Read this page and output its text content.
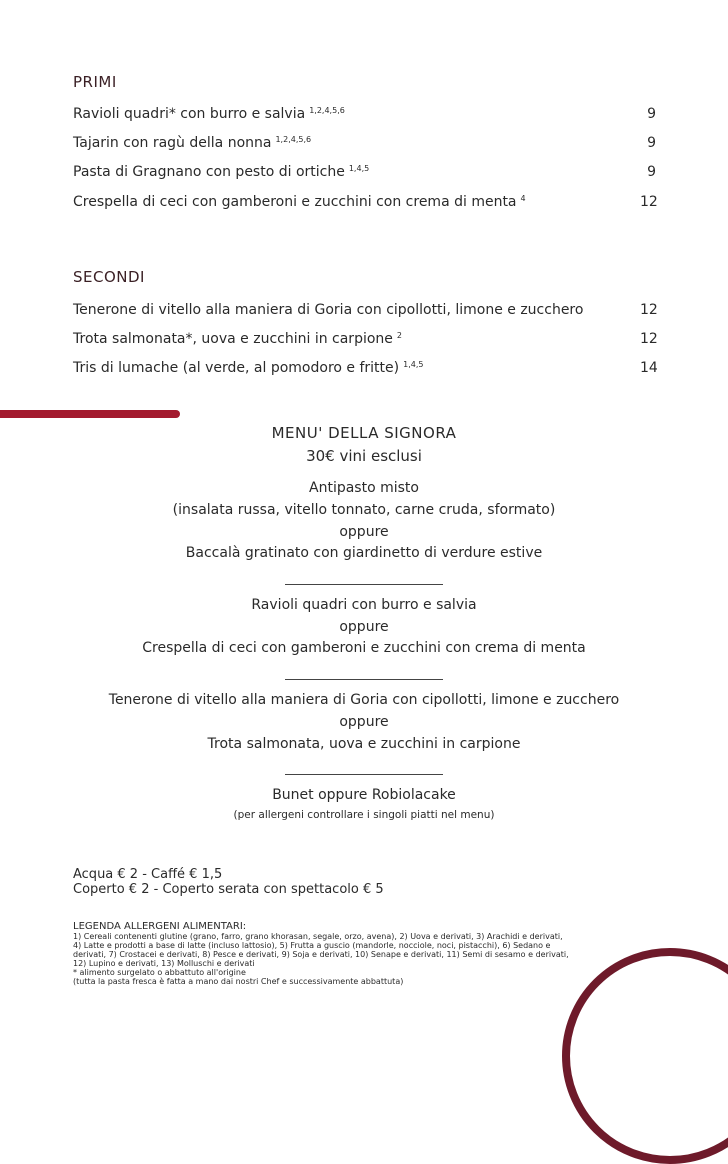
PRIMI
Ravioli quadri* con burro e salvia $^{1,2,4,5,6}$	9
Tajarin con ragù della nonna $^{1,2,4,5,6}$	9
Pasta di Gragnano con pesto di ortiche $^{1,4,5}$	9
Crespella di ceci con gamberoni e zucchini con crema di menta $^4$	12
SECONDI
Tenerone di vitello alla maniera di Goria con cipollotti, limone e zucchero	12
Trota salmonata*, uova e zucchini in carpione $^2$	12
Tris di lumache (al verde, al pomodoro e fritte) $^{1,4,5}$	14
MENU' DELLA SIGNORA
30€ vini esclusi
Antipasto misto
(insalata russa, vitello tonnato, carne cruda, sformato)
oppure
Baccalà gratinato con giardinetto di verdure estive
Ravioli quadri con burro e salvia
oppure
Crespella di ceci con gamberoni e zucchini con crema di menta
Tenerone di vitello alla maniera di Goria con cipollotti, limone e zucchero
oppure
Trota salmonata, uova e zucchini in carpione
Bunet oppure Robiolacake
(per allergeni controllare i singoli piatti nel menu)
Acqua € 2 - Caffé € 1,5
Coperto € 2 - Coperto serata con spettacolo € 5
LEGENDA ALLERGENI ALIMENTARI:
1) Cereali contenenti glutine (grano, farro, grano khorasan, segale, orzo, avena), 2) Uova e derivati, 3) Arachidi e derivati,
4) Latte e prodotti a base di latte (incluso lattosio), 5) Frutta a guscio (mandorle, nocciole, noci, pistacchi), 6) Sedano e
derivati, 7) Crostacei e derivati, 8) Pesce e derivati, 9) Soja e derivati, 10) Senape e derivati, 11) Semi di sesamo e derivati,
12) Lupino e derivati, 13) Molluschi e derivati
* alimento surgelato o abbattuto all'origine
(tutta la pasta fresca è fatta a mano dai nostri Chef e successivamente abbattuta)
